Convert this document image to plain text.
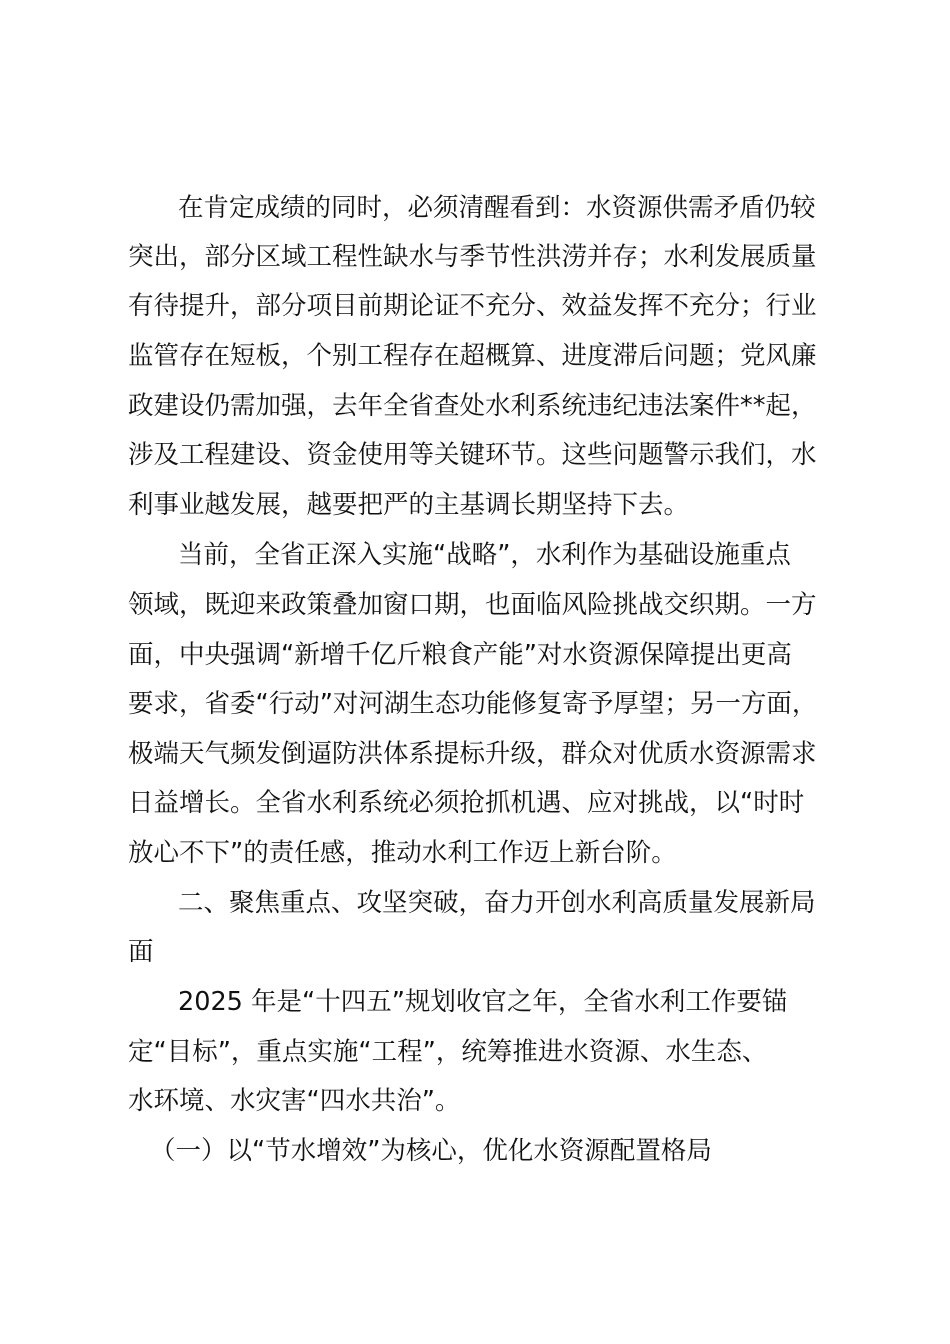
在肯定成绩的同时，必须清醒看到：水资源供需矛盾仍较
突出，部分区域工程性缺水与季节性洪涝并存；水利发展质量
有待提升，部分项目前期论证不充分、效益发挥不充分；行业
监管存在短板，个别工程存在超概算、进度滞后问题；党风廉
政建设仍需加强，去年全省查处水利系统违纪违法案件**起，
涉及工程建设、资金使用等关键环节。这些问题警示我们，水
利事业越发展，越要把严的主基调长期坚持下去。
当前，全省正深入实施“战略”，水利作为基础设施重点
领域，既迎来政策叠加窗口期，也面临风险挑战交织期。一方
面，中央强调“新增千亿斤粮食产能”对水资源保障提出更高
要求，省委“行动”对河湖生态功能修复寄予厚望；另一方面，
极端天气频发倒逼防洪体系提标升级，群众对优质水资源需求
日益增长。全省水利系统必须抢抓机遇、应对挑战，以“时时
放心不下”的责任感，推动水利工作迈上新台阶。
二、聚焦重点、攻坚突破，奋力开创水利高质量发展新局
面
2025 年是“十四五”规划收官之年，全省水利工作要锚
定“目标”，重点实施“工程”，统筹推进水资源、水生态、
水环境、水灾害“四水共治”。
（一）以“节水增效”为核心，优化水资源配置格局
